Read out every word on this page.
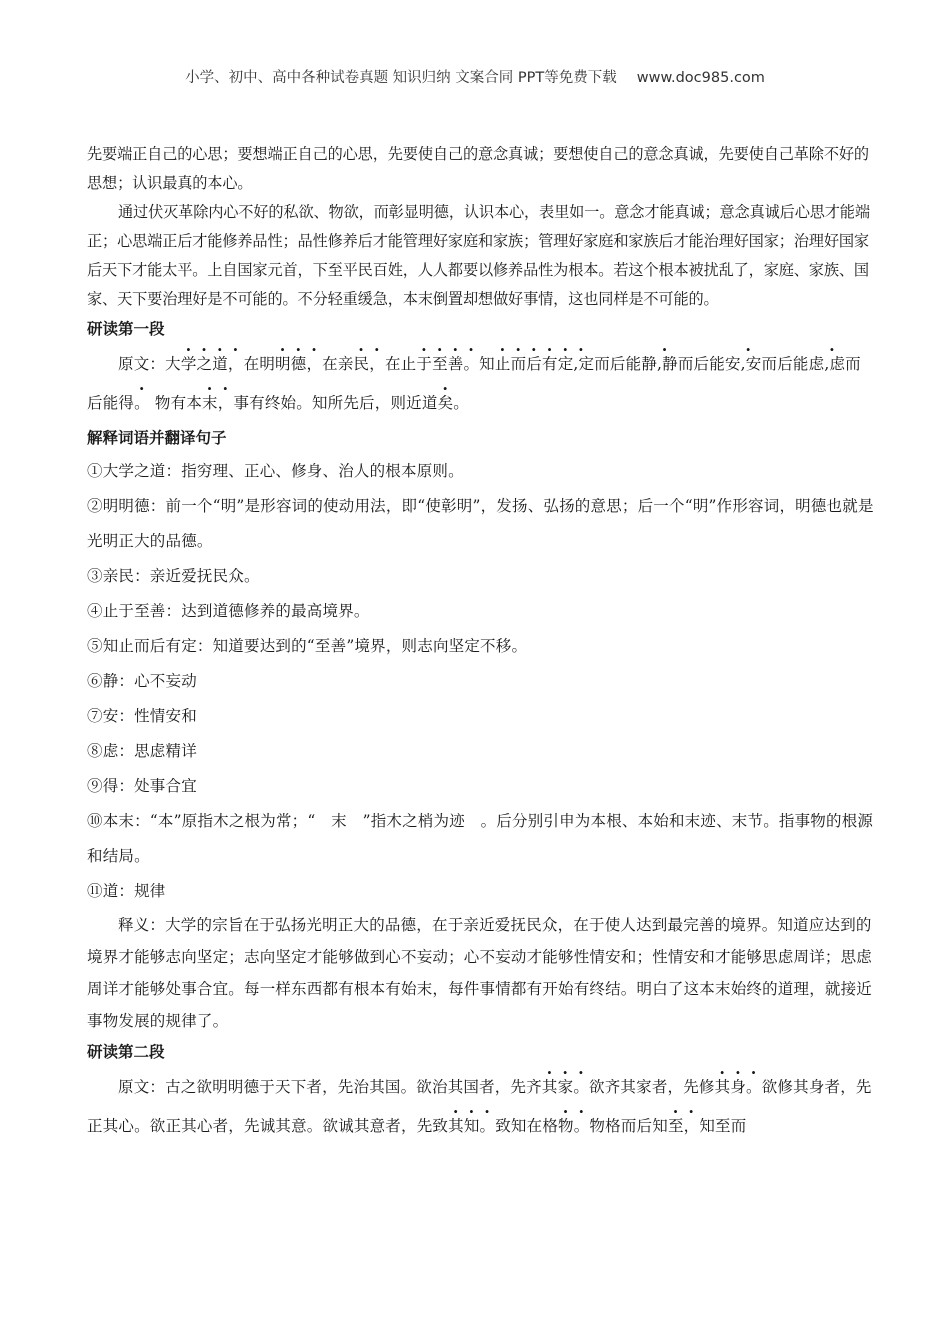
小学、初中、高中各种试卷真题 知识归纳 文案合同 PPT等免费下载 www.doc985.com

先要端正自己的心思；要想端正自己的心思，先要使自己的意念真诚；要想使自己的意念真诚，先要使自己革除不好的思想；认识最真的本心。

通过伏灭革除内心不好的私欲、物欲，而彰显明德，认识本心，表里如一。意念才能真诚；意念真诚后心思才能端正；心思端正后才能修养品性；品性修养后才能管理好家庭和家族；管理好家庭和家族后才能治理好国家；治理好国家后天下才能太平。上自国家元首，下至平民百姓，人人都要以修养品性为根本。若这个根本被扰乱了，家庭、家族、国家、天下要治理好是不可能的。不分轻重缓急，本末倒置却想做好事情，这也同样是不可能的。

研读第一段

原文：大学之道，在明明德，在亲民，在止于至善。知止而后有定,定而后能静,静而后能安,安而后能虑,虑而后能得。 物有本末，事有终始。知所先后，则近道矣。

解释词语并翻译句子

①大学之道：指穷理、正心、修身、治人的根本原则。

②明明德：前一个“明”是形容词的使动用法，即“使彰明”，发扬、弘扬的意思；后一个“明”作形容词，明德也就是光明正大的品德。

③亲民：亲近爱抚民众。

④止于至善：达到道德修养的最高境界。

⑤知止而后有定：知道要达到的“至善”境界，则志向坚定不移。

⑥静：心不妄动

⑦安：性情安和

⑧虑：思虑精详

⑨得：处事合宜

⑩本末：“本”原指木之根为常；“　末　”指木之梢为迹　。后分别引申为本根、本始和末迹、末节。指事物的根源和结局。

⑪道：规律

释义：大学的宗旨在于弘扬光明正大的品德，在于亲近爱抚民众，在于使人达到最完善的境界。知道应达到的境界才能够志向坚定；志向坚定才能够做到心不妄动；心不妄动才能够性情安和；性情安和才能够思虑周详；思虑周详才能够处事合宜。每一样东西都有根本有始末，每件事情都有开始有终结。明白了这本末始终的道理，就接近事物发展的规律了。

研读第二段

原文：古之欲明明德于天下者，先治其国。欲治其国者，先齐其家。欲齐其家者，先修其身。欲修其身者，先正其心。欲正其心者，先诚其意。欲诚其意者，先致其知。致知在格物。物格而后知至，知至而
